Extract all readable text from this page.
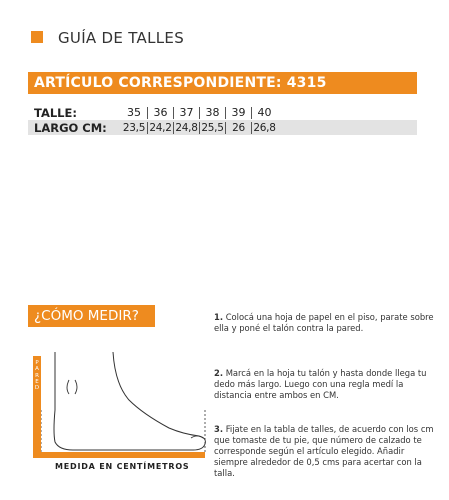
GUÍA DE TALLES
ARTÍCULO CORRESPONDIENTE: 4315
TALLE:	35	36	37	38	39	40
LARGO CM:	23,5 24,2 24,8 25,5 26 26,8
¿CÓMO MEDIR?	1. Colocá una hoja de papel en el piso, parate sobre ella y poné el talón contra la pared.
2. Marcá en la hoja tu talón y hasta donde llega tu dedo más largo. Luego con una regla medí la distancia entre ambos en CM.
3. Fijate en la tabla de talles, de acuerdo con los cm que tomaste de tu pie, que número de calzado te corresponde según el artículo elegido. Añadir siempre alrededor de 0,5 cms para acertar con la talla.
P
A
R
E
D
MEDIDA EN CENTÍMETROS
